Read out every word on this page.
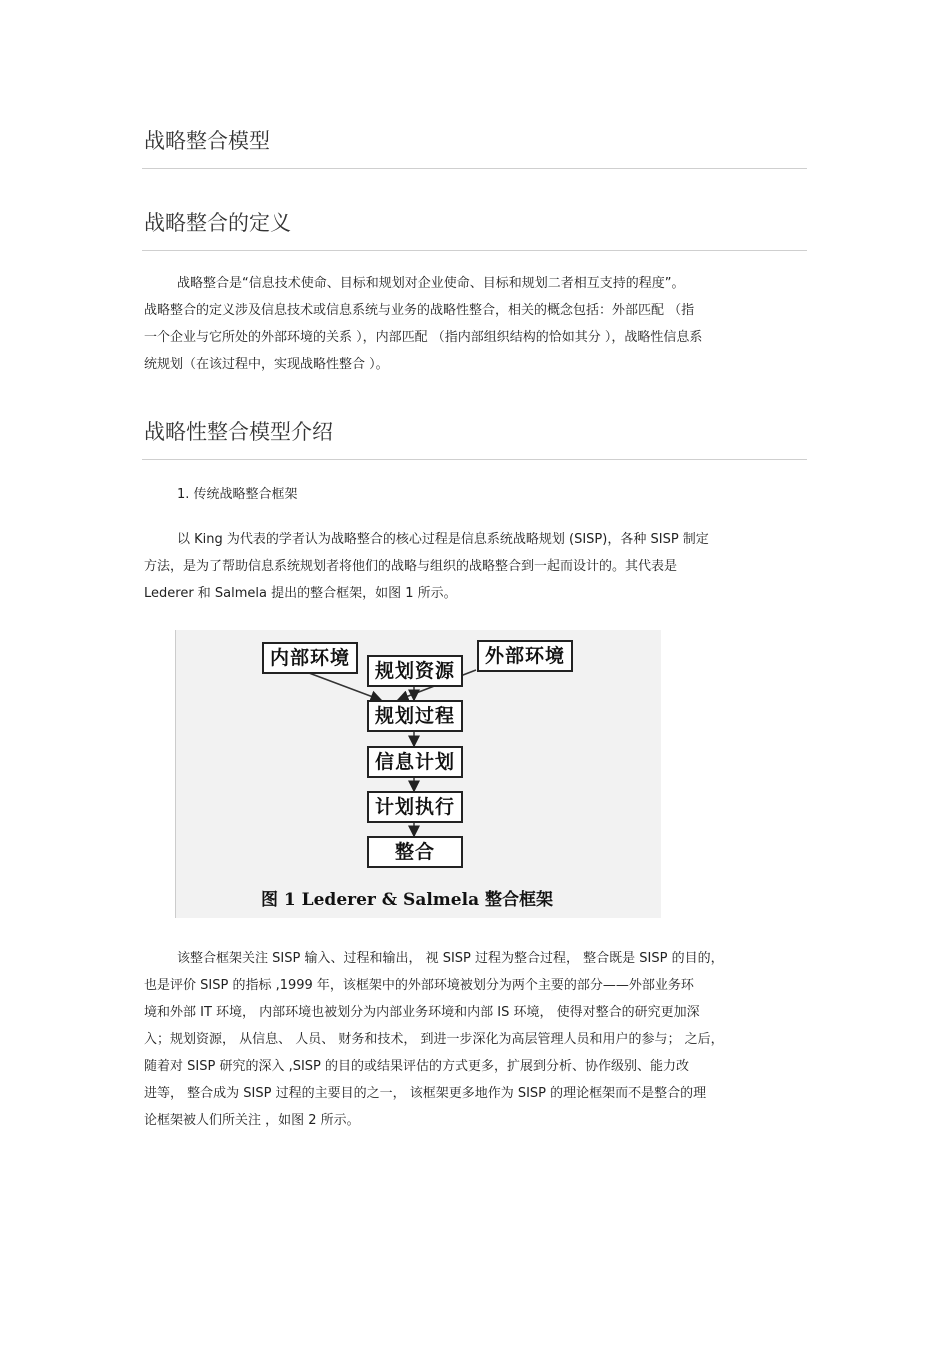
战略整合模型
战略整合的定义
战略整合是“信息技术使命、目标和规划对企业使命、目标和规划二者相互支持的程度”。
战略整合的定义涉及信息技术或信息系统与业务的战略性整合，相关的概念包括：外部匹配 （指
一个企业与它所处的外部环境的关系 ），内部匹配 （指内部组织结构的恰如其分 ），战略性信息系
统规划（在该过程中，实现战略性整合 ）。
战略性整合模型介绍
1. 传统战略整合框架
以 King 为代表的学者认为战略整合的核心过程是信息系统战略规划 (SISP)，各种 SISP 制定
方法，是为了帮助信息系统规划者将他们的战略与组织的战略整合到一起而设计的。其代表是
Lederer 和 Salmela 提出的整合框架，如图 1 所示。
内部环境
规划资源
外部环境
规划过程
信息计划
计划执行
整合
图 1 Lederer & Salmela 整合框架
该整合框架关注 SISP 输入、过程和输出， 视 SISP 过程为整合过程， 整合既是 SISP 的目的，
也是评价 SISP 的指标 ,1999 年，该框架中的外部环境被划分为两个主要的部分——外部业务环
境和外部 IT 环境， 内部环境也被划分为内部业务环境和内部 IS 环境， 使得对整合的研究更加深
入；规划资源， 从信息、 人员、 财务和技术， 到进一步深化为高层管理人员和用户的参与； 之后，
随着对 SISP 研究的深入 ,SISP 的目的或结果评估的方式更多，扩展到分析、协作级别、能力改
进等， 整合成为 SISP 过程的主要目的之一， 该框架更多地作为 SISP 的理论框架而不是整合的理
论框架被人们所关注 ，如图 2 所示。
